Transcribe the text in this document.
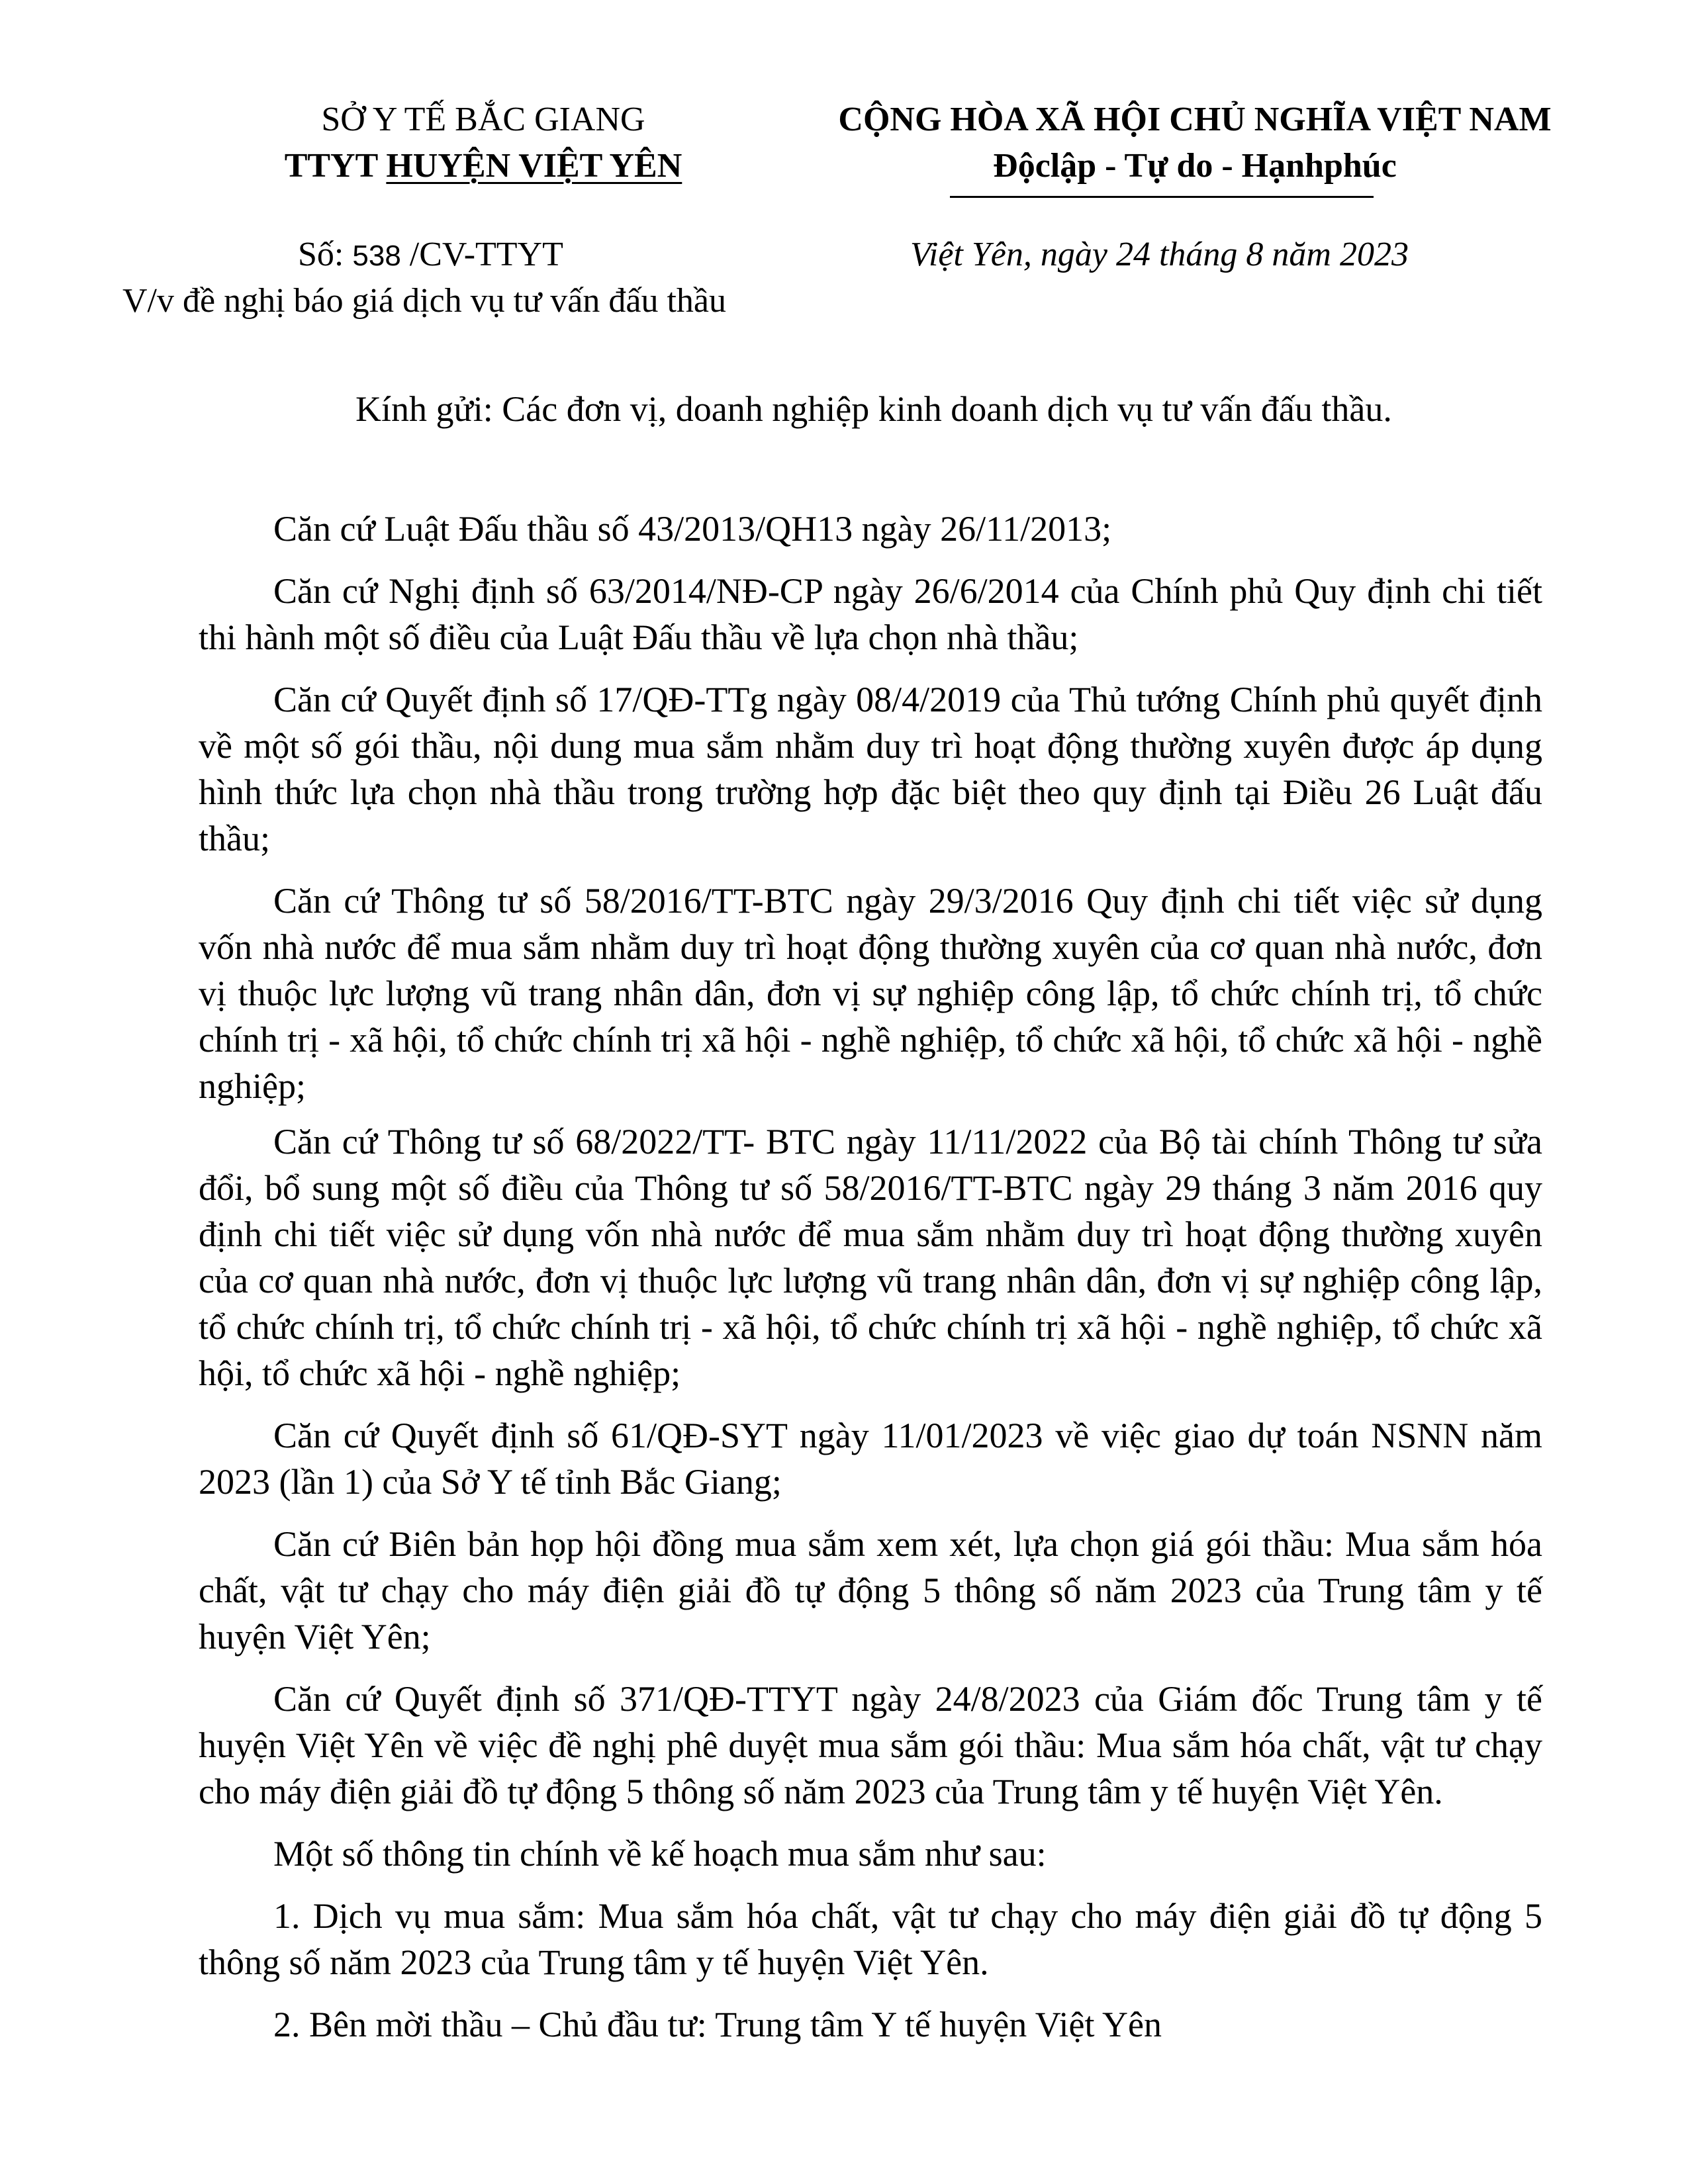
SỞ Y TẾ BẮC GIANG
TTYT HUYỆN VIỆT YÊN
CỘNG HÒA XÃ HỘI CHỦ NGHĨA VIỆT NAM
Độclập - Tự do - Hạnhphúc
Số: 538 /CV-TTYT
V/v đề nghị báo giá dịch vụ tư vấn đấu thầu
Việt Yên, ngày 24 tháng 8 năm 2023
Kính gửi: Các đơn vị, doanh nghiệp kinh doanh dịch vụ tư vấn đấu thầu.

Căn cứ Luật Đấu thầu số 43/2013/QH13 ngày 26/11/2013;

Căn cứ Nghị định số 63/2014/NĐ-CP ngày 26/6/2014 của Chính phủ Quy định chi tiết thi hành một số điều của Luật Đấu thầu về lựa chọn nhà thầu;

Căn cứ Quyết định số 17/QĐ-TTg ngày 08/4/2019 của Thủ tướng Chính phủ quyết định về một số gói thầu, nội dung mua sắm nhằm duy trì hoạt động thường xuyên được áp dụng hình thức lựa chọn nhà thầu trong trường hợp đặc biệt theo quy định tại Điều 26 Luật đấu thầu;

Căn cứ Thông tư số 58/2016/TT-BTC ngày 29/3/2016 Quy định chi tiết việc sử dụng vốn nhà nước để mua sắm nhằm duy trì hoạt động thường xuyên của cơ quan nhà nước, đơn vị thuộc lực lượng vũ trang nhân dân, đơn vị sự nghiệp công lập, tổ chức chính trị, tổ chức chính trị - xã hội, tổ chức chính trị xã hội - nghề nghiệp, tổ chức xã hội, tổ chức xã hội - nghề nghiệp;

Căn cứ Thông tư số 68/2022/TT- BTC ngày 11/11/2022 của Bộ tài chính Thông tư sửa đổi, bổ sung một số điều của Thông tư số 58/2016/TT-BTC ngày 29 tháng 3 năm 2016 quy định chi tiết việc sử dụng vốn nhà nước để mua sắm nhằm duy trì hoạt động thường xuyên của cơ quan nhà nước, đơn vị thuộc lực lượng vũ trang nhân dân, đơn vị sự nghiệp công lập, tổ chức chính trị, tổ chức chính trị - xã hội, tổ chức chính trị xã hội - nghề nghiệp, tổ chức xã hội, tổ chức xã hội - nghề nghiệp;

Căn cứ Quyết định số 61/QĐ-SYT ngày 11/01/2023 về việc giao dự toán NSNN năm 2023 (lần 1) của Sở Y tế tỉnh Bắc Giang;

Căn cứ Biên bản họp hội đồng mua sắm xem xét, lựa chọn giá gói thầu: Mua sắm hóa chất, vật tư chạy cho máy điện giải đồ tự động 5 thông số năm 2023 của Trung tâm y tế huyện Việt Yên;

Căn cứ Quyết định số 371/QĐ-TTYT ngày 24/8/2023 của Giám đốc Trung tâm y tế huyện Việt Yên về việc đề nghị phê duyệt mua sắm gói thầu: Mua sắm hóa chất, vật tư chạy cho máy điện giải đồ tự động 5 thông số năm 2023 của Trung tâm y tế huyện Việt Yên.

Một số thông tin chính về kế hoạch mua sắm như sau:

1. Dịch vụ mua sắm: Mua sắm hóa chất, vật tư chạy cho máy điện giải đồ tự động 5 thông số năm 2023 của Trung tâm y tế huyện Việt Yên.

2. Bên mời thầu – Chủ đầu tư: Trung tâm Y tế huyện Việt Yên
